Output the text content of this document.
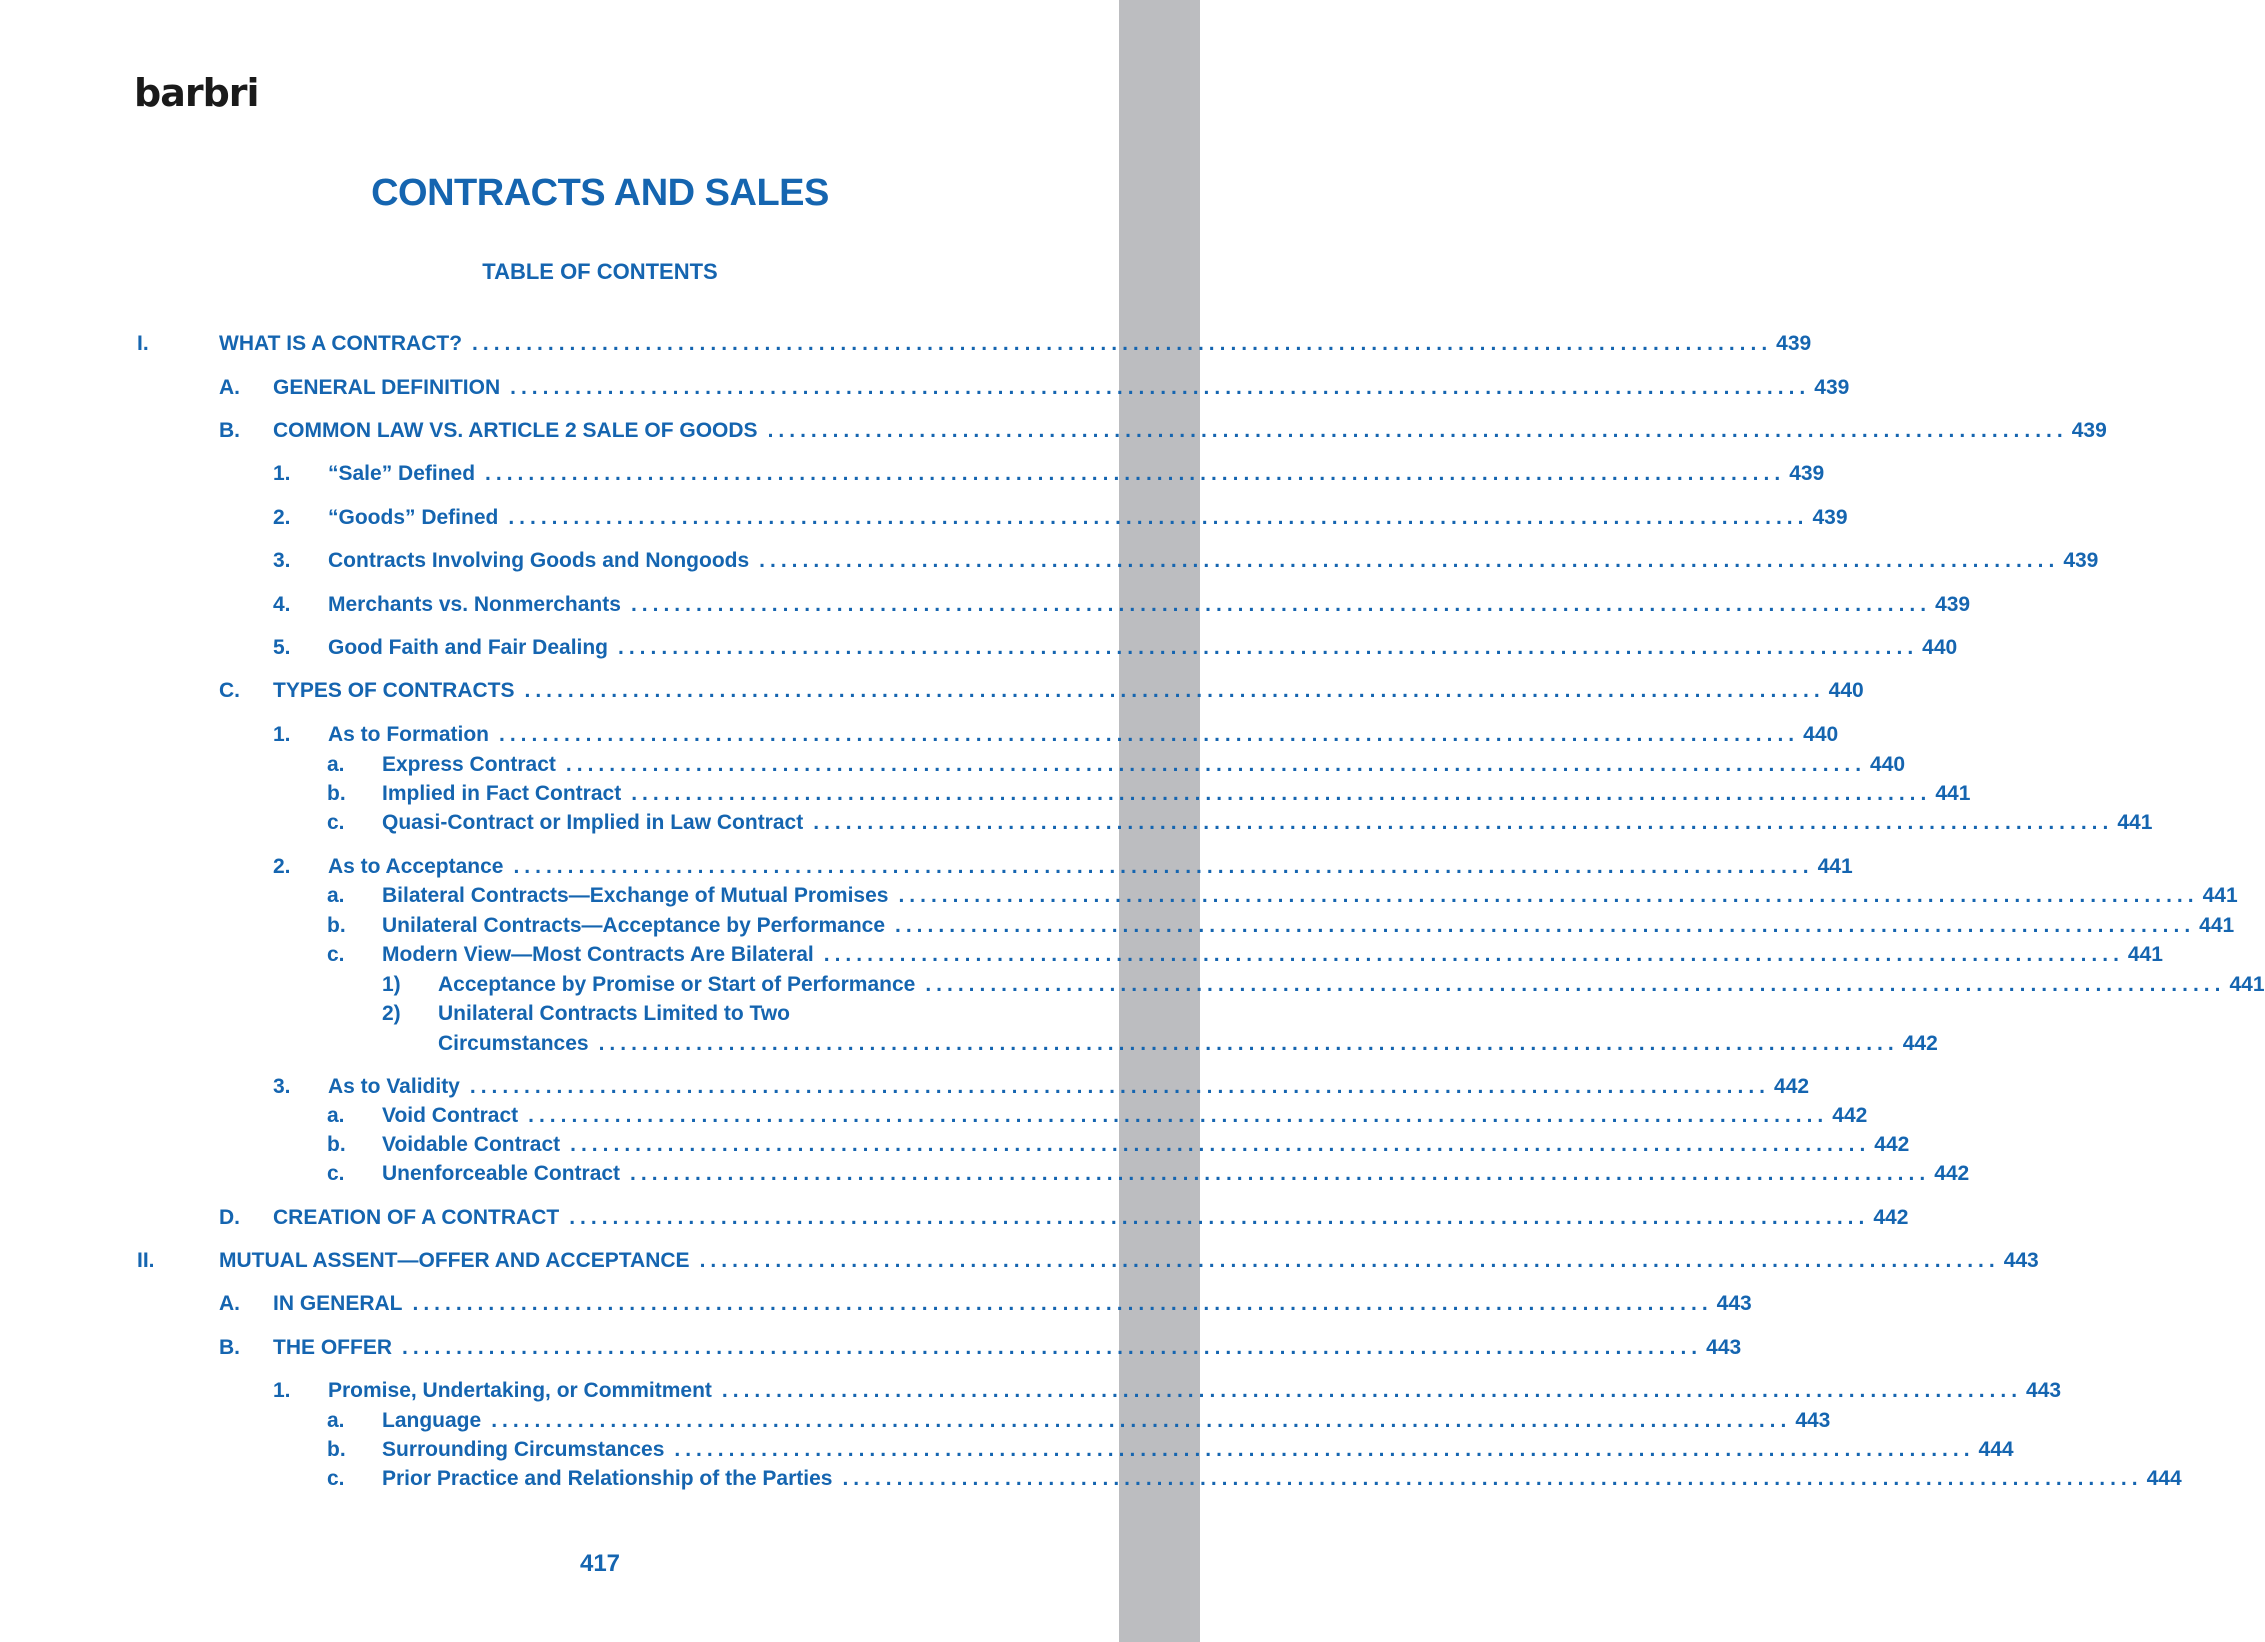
barbri
CONTRACTS AND SALES
TABLE OF CONTENTS
I.	WHAT IS A CONTRACT? ........................................................................................................................ 439
A. GENERAL DEFINITION ........................................................................................................................ 439
B. COMMON LAW VS. ARTICLE 2 SALE OF GOODS ........................................................................................................................ 439
1. “Sale” Defined ........................................................................................................................ 439
2. “Goods” Defined ........................................................................................................................ 439
3. Contracts Involving Goods and Nongoods ........................................................................................................................ 439
4. Merchants vs. Nonmerchants ........................................................................................................................ 439
5. Good Faith and Fair Dealing ........................................................................................................................ 440
C. TYPES OF CONTRACTS ........................................................................................................................ 440
1. As to Formation ........................................................................................................................ 440
a. Express Contract ........................................................................................................................ 440
b. Implied in Fact Contract ........................................................................................................................ 441
c. Quasi-Contract or Implied in Law Contract ........................................................................................................................ 441
2. As to Acceptance ........................................................................................................................ 441
a. Bilateral Contracts—Exchange of Mutual Promises ........................................................................................................................ 441
b. Unilateral Contracts—Acceptance by Performance ........................................................................................................................ 441
c. Modern View—Most Contracts Are Bilateral ........................................................................................................................ 441
1) Acceptance by Promise or Start of Performance ........................................................................................................................ 441
2) Unilateral Contracts Limited to Two
Circumstances ........................................................................................................................ 442
3. As to Validity ........................................................................................................................ 442
a. Void Contract ........................................................................................................................ 442
b. Voidable Contract ........................................................................................................................ 442
c. Unenforceable Contract ........................................................................................................................ 442
D. CREATION OF A CONTRACT ........................................................................................................................ 442
II.	MUTUAL ASSENT—OFFER AND ACCEPTANCE ........................................................................................................................ 443
A. IN GENERAL ........................................................................................................................ 443
B. THE OFFER ........................................................................................................................ 443
1. Promise, Undertaking, or Commitment ........................................................................................................................ 443
a. Language ........................................................................................................................ 443
b. Surrounding Circumstances ........................................................................................................................ 444
c. Prior Practice and Relationship of the Parties ........................................................................................................................ 444
417
